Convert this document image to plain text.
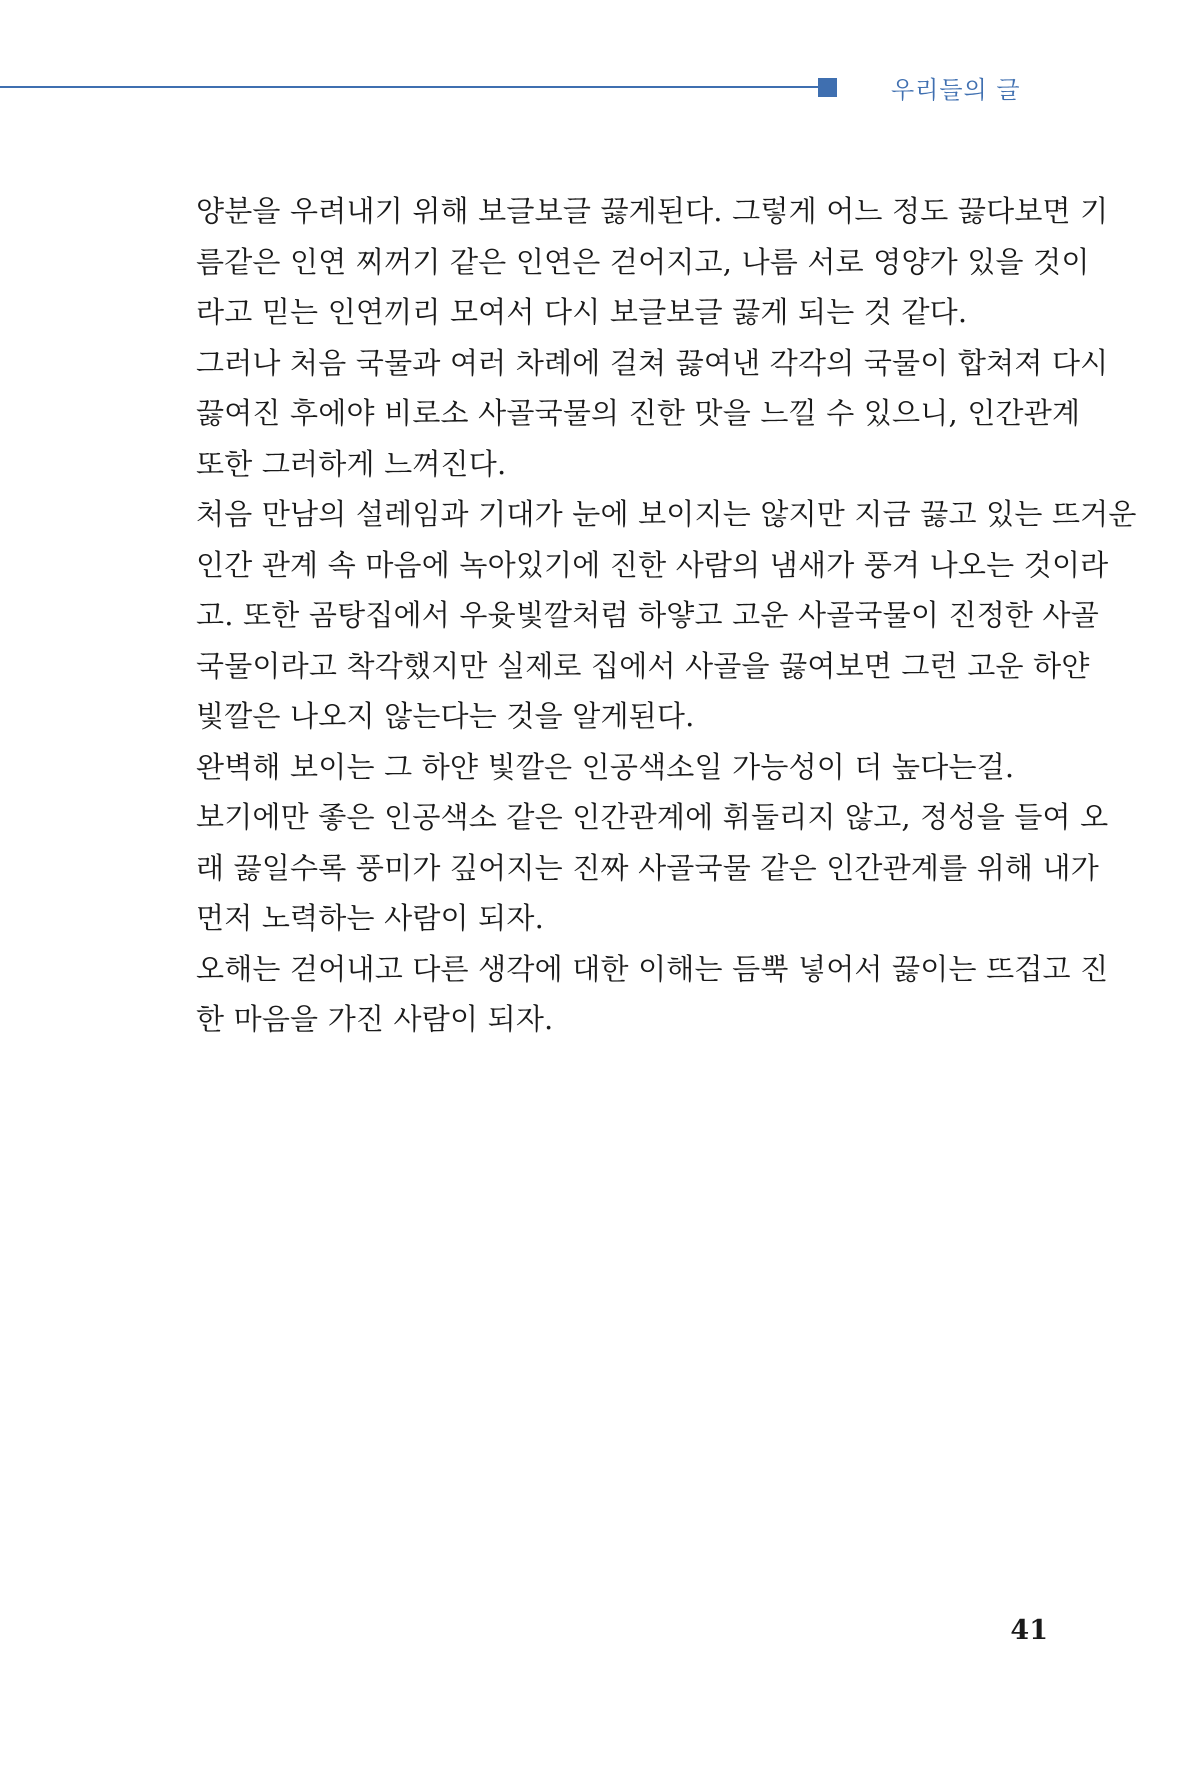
우리들의 글
양분을 우려내기 위해 보글보글 끓게된다. 그렇게 어느 정도 끓다보면 기
름같은 인연 찌꺼기 같은 인연은 걷어지고, 나름 서로 영양가 있을 것이
라고 믿는 인연끼리 모여서 다시 보글보글 끓게 되는 것 같다.
그러나 처음 국물과 여러 차례에 걸쳐 끓여낸 각각의 국물이 합쳐져 다시
끓여진 후에야 비로소 사골국물의 진한 맛을 느낄 수 있으니, 인간관계
또한 그러하게 느껴진다.
처음 만남의 설레임과 기대가 눈에 보이지는 않지만 지금 끓고 있는 뜨거운
인간 관계 속 마음에 녹아있기에 진한 사람의 냄새가 풍겨 나오는 것이라
고. 또한 곰탕집에서 우윳빛깔처럼 하얗고 고운 사골국물이 진정한 사골
국물이라고 착각했지만 실제로 집에서 사골을 끓여보면 그런 고운 하얀
빛깔은 나오지 않는다는 것을 알게된다.
완벽해 보이는 그 하얀 빛깔은 인공색소일 가능성이 더 높다는걸.
보기에만 좋은 인공색소 같은 인간관계에 휘둘리지 않고, 정성을 들여 오
래 끓일수록 풍미가 깊어지는 진짜 사골국물 같은 인간관계를 위해 내가
먼저 노력하는 사람이 되자.
오해는 걷어내고 다른 생각에 대한 이해는 듬뿍 넣어서 끓이는 뜨겁고 진
한 마음을 가진 사람이 되자.
41
